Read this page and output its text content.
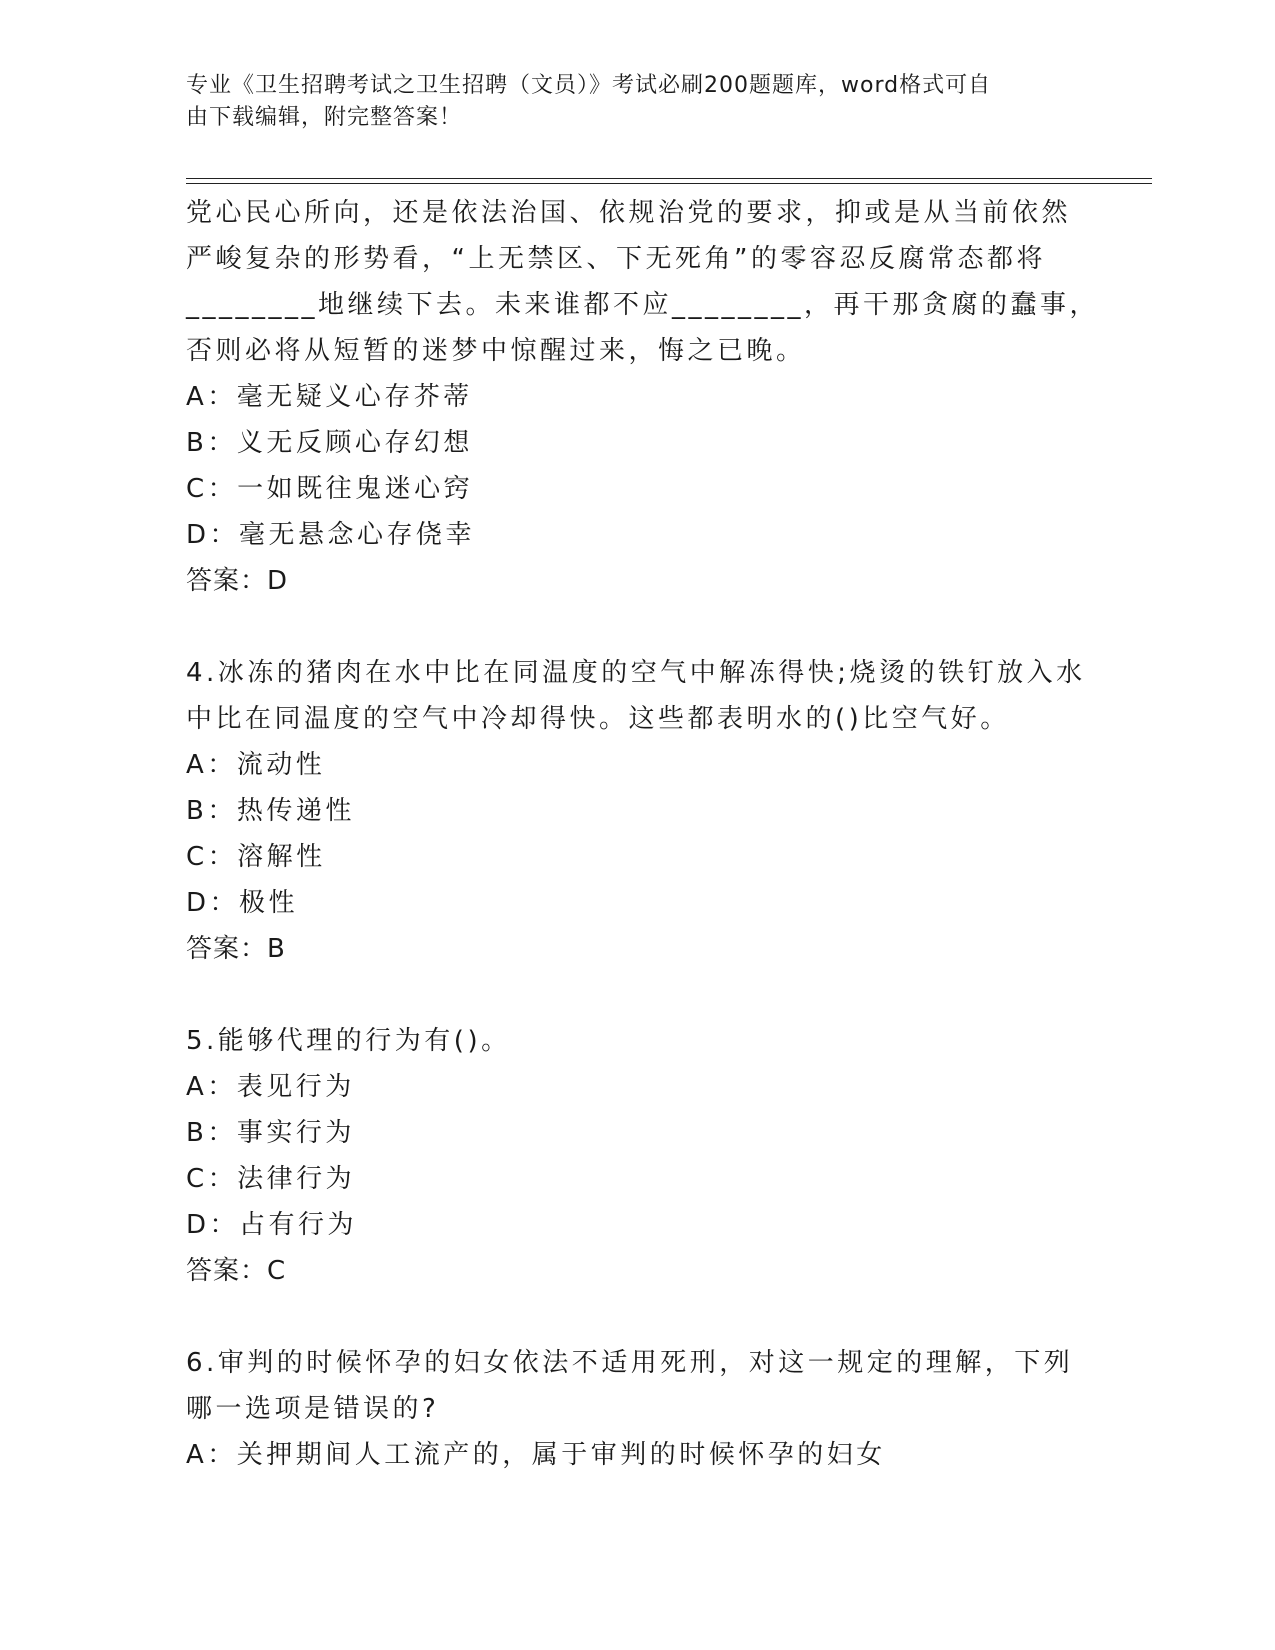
专业《卫生招聘考试之卫生招聘（文员）》考试必刷200题题库，word格式可自
由下载编辑，附完整答案！
党心民心所向，还是依法治国、依规治党的要求，抑或是从当前依然
严峻复杂的形势看，“上无禁区、下无死角”的零容忍反腐常态都将
________地继续下去。未来谁都不应________，再干那贪腐的蠢事，
否则必将从短暂的迷梦中惊醒过来，悔之已晚。
A：毫无疑义心存芥蒂
B：义无反顾心存幻想
C：一如既往鬼迷心窍
D：毫无悬念心存侥幸
答案：D
4.冰冻的猪肉在水中比在同温度的空气中解冻得快;烧烫的铁钉放入水
中比在同温度的空气中冷却得快。这些都表明水的()比空气好。
A：流动性
B：热传递性
C：溶解性
D：极性
答案：B
5.能够代理的行为有()。
A：表见行为
B：事实行为
C：法律行为
D：占有行为
答案：C
6.审判的时候怀孕的妇女依法不适用死刑，对这一规定的理解，下列
哪一选项是错误的?
A：关押期间人工流产的，属于审判的时候怀孕的妇女
